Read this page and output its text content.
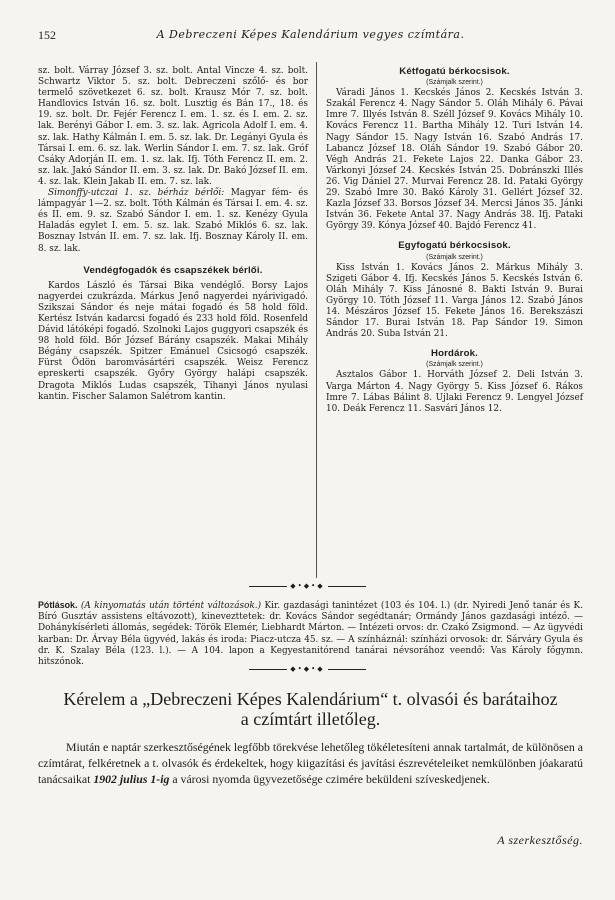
152	A Debreczeni Képes Kalendárium vegyes czímtára.

sz. bolt. Várray József 3. sz. bolt. Antal Vincze 4. sz. bolt. Schwartz Viktor 5. sz. bolt. Debreczeni szőlő- és bor termelő szövetkezet 6. sz. bolt. Krausz Mór 7. sz. bolt. Handlovics István 16. sz. bolt. Lusztig és Bán 17., 18. és 19. sz. bolt. Dr. Fejér Ferencz I. em. 1. sz. és I. em. 2. sz. lak. Berényi Gábor I. em. 3. sz. lak. Agricola Adolf I. em. 4. sz. lak. Hathy Kálmán I. em. 5. sz. lak. Dr. Legányi Gyula és Társai I. em. 6. sz. lak. Werlin Sándor I. em. 7. sz. lak. Gróf Csáky Adorján II. em. 1. sz. lak. Ifj. Tóth Ferencz II. em. 2. sz. lak. Jakó Sándor II. em. 3. sz. lak. Dr. Bakó József II. em. 4. sz. lak. Klein Jakab II. em. 7. sz. lak.

Simonffy-utczai 1. sz. bérház bérlői: Magyar fém- és lámpagyár 1—2. sz. bolt. Tóth Kálmán és Társai I. em. 4. sz. és II. em. 9. sz. Szabó Sándor I. em. 1. sz. Kenézy Gyula Haladás egylet I. em. 5. sz. lak. Szabó Miklós 6. sz. lak. Bosznay István II. em. 7. sz. lak. Ifj. Bosznay Károly II. em. 8. sz. lak.

Vendégfogadók és csapszékek bérlői.

Kardos László és Társai Bika vendéglő. Borsy Lajos nagyerdei czukrázda. Márkus Jenő nagyerdei nyárivigadó. Szikszai Sándor és neje mátai fogadó és 58 hold föld. Kertész István kadarcsi fogadó és 233 hold föld. Rosenfeld Dávid látóképi fogadó. Szolnoki Lajos guggyori csapszék és 98 hold föld. Bőr József Bárány csapszék. Makai Mihály Bégány csapszék. Spitzer Emánuel Csicsogó csapszék. Fürst Ödön baromvásártéri csapszék. Weisz Ferencz epreskerti csapszék. Győry György halápi csapszék. Dragota Miklós Ludas csapszék, Tihanyi János nyulasi kantin. Fischer Salamon Salétrom kantin.

Kétfogatú bérkocsisok.

(Számjalk szerint.)

Váradi János 1. Kecskés János 2. Kecskés István 3. Szakál Ferencz 4. Nagy Sándor 5. Oláh Mihály 6. Pávai Imre 7. Illyés István 8. Széll József 9. Kovács Mihály 10. Kovács Ferencz 11. Bartha Mihály 12. Turi István 14. Nagy Sándor 15. Nagy István 16. Szabó András 17. Labancz József 18. Oláh Sándor 19. Szabó Gábor 20. Végh András 21. Fekete Lajos 22. Danka Gábor 23. Várkonyi József 24. Kecskés István 25. Dobránszki Illés 26. Vig Dániel 27. Murvai Ferencz 28. Id. Pataki György 29. Szabó Imre 30. Bakó Károly 31. Gellért József 32. Kazla József 33. Borsos József 34. Mercsi János 35. Jánki István 36. Fekete Antal 37. Nagy András 38. Ifj. Pataki György 39. Kónya József 40. Bajdó Ferencz 41.

Egyfogatú bérkocsisok.

(Számjalk szerint.)

Kiss István 1. Kovács János 2. Márkus Mihály 3. Szigeti Gábor 4. Ifj. Kecskés János 5. Kecskés István 6. Oláh Mihály 7. Kiss Jánosné 8. Bakti István 9. Burai György 10. Tóth József 11. Varga János 12. Szabó János 14. Mészáros József 15. Fekete János 16. Berekszászi Sándor 17. Burai István 18. Pap Sándor 19. Simon András 20. Suba István 21.

Hordárok.

(Számjalk szerint.)

Asztalos Gábor 1. Horváth József 2. Deli István 3. Varga Márton 4. Nagy György 5. Kiss József 6. Rákos Imre 7. Lábas Bálint 8. Ujlaki Ferencz 9. Lengyel József 10. Deák Ferencz 11. Sasvári János 12.

◆•◆•◆
Pótlások. (A kinyomatás után történt változások.) Kir. gazdasági tanintézet (103 és 104. l.) (dr. Nyiredi Jenő tanár és K. Bíró Gusztáv assistens eltávozott), kinevezttetek: dr. Kovács Sándor segédtanár; Ormándy János gazdasági intéző. — Dohánykísérleti állomás, segédek: Török Elemér, Liebhardt Márton. — Intézeti orvos: dr. Czakó Zsigmond. — Az ügyvédi karban: Dr. Árvay Béla ügyvéd, lakás és iroda: Piacz-utcza 45. sz. — A színháznál: színházi orvosok: dr. Sárváry Gyula és dr. K. Szalay Béla (123. l.). — A 104. lapon a Kegyestanitórend tanárai névsorához veendő: Vas Károly főgymn. hitszónok.
◆•◆•◆
Kérelem a „Debreczeni Képes Kalendárium“ t. olvasói és barátaihoz
a czímtárt illetőleg.

Miután e naptár szerkesztőségének legfőbb törekvése lehetőleg tökéletesíteni annak tartalmát, de különösen a czímtárat, felkéretnek a t. olvasók és érdekeltek, hogy kiigazítási és javítási észrevételeiket nemkülönben jóakaratú tanácsaikat 1902 julius 1-ig a városi nyomda ügyvezetősége czimére beküldeni szíveskedjenek.

A szerkesztőség.
